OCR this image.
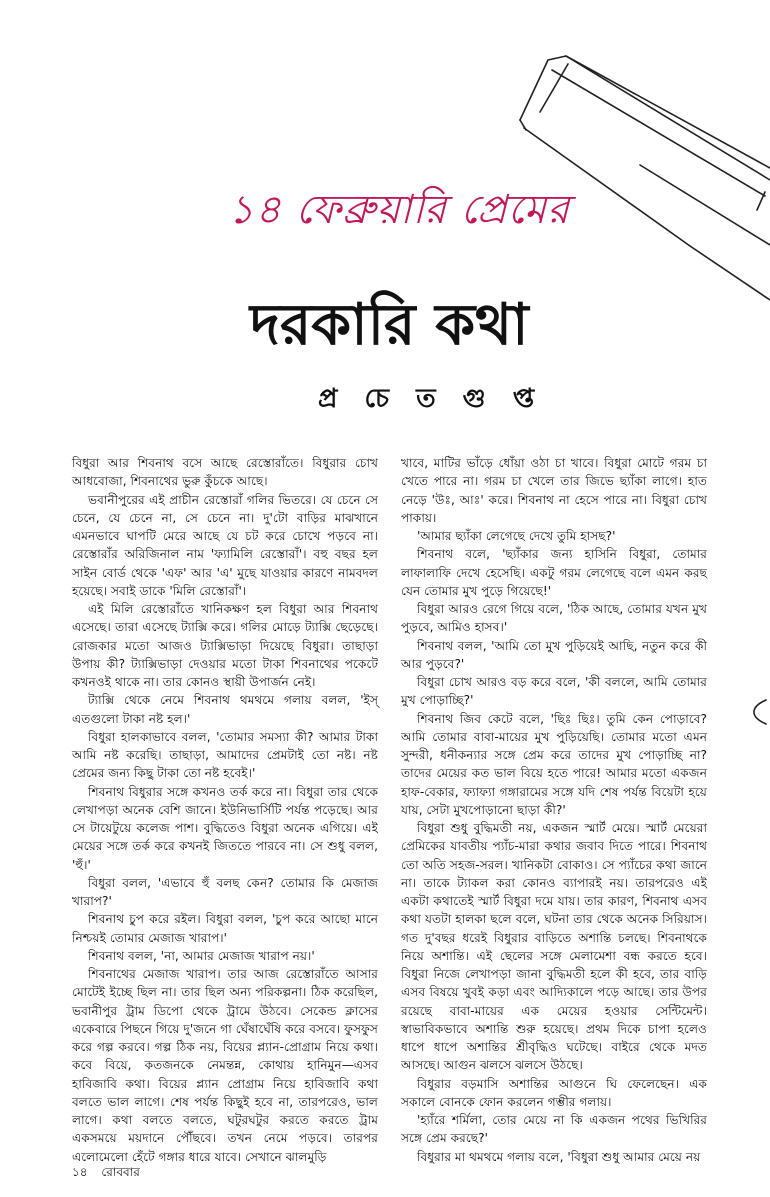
১৪ ফেব্রুয়ারি প্রেমের
দরকারি কথা
প্র চে ত গু প্ত

বিধুরা আর শিবনাথ বসে আছে রেস্তোরাঁতে। বিধুরার চোখ আধবোজা, শিবনাথের ভুরু কুঁচকে আছে।

ভবানীপুরের এই প্রাচীন রেস্তোরাঁ গলির ভিতরে। যে চেনে সে চেনে, যে চেনে না, সে চেনে না। দু'টো বাড়ির মাঝখানে এমনভাবে ঘাপটি মেরে আছে যে চট করে চোখে পড়বে না। রেস্তোরাঁর অরিজিনাল নাম 'ফ্যামিলি রেস্তোরাঁ'। বহু বছর হল সাইন বোর্ড থেকে 'এফ' আর 'এ' মুছে যাওয়ার কারণে নামবদল হয়েছে। সবাই ডাকে 'মিলি রেস্তোরাঁ'।

এই মিলি রেস্তোরাঁতে খানিকক্ষণ হল বিধুরা আর শিবনাথ এসেছে। তারা এসেছে ট্যাক্সি করে। গলির মোড়ে ট্যাক্সি ছেড়েছে। রোজকার মতো আজও ট্যাক্সিভাড়া দিয়েছে বিধুরা। তাছাড়া উপায় কী? ট্যাক্সিভাড়া দেওয়ার মতো টাকা শিবনাথের পকেটে কখনওই থাকে না। তার কোনও স্থায়ী উপার্জন নেই।

ট্যাক্সি থেকে নেমে শিবনাথ থমথমে গলায় বলল, 'ইস্ এতগুলো টাকা নষ্ট হল।'

বিধুরা হালকাভাবে বলল, 'তোমার সমস্যা কী? আমার টাকা আমি নষ্ট করেছি। তাছাড়া, আমাদের প্রেমটাই তো নষ্ট। নষ্ট প্রেমের জন্য কিছু টাকা তো নষ্ট হবেই।'

শিবনাথ বিধুরার সঙ্গে কখনও তর্ক করে না। বিধুরা তার থেকে লেখাপড়া অনেক বেশি জানে। ইউনিভার্সিটি পর্যন্ত পড়েছে। আর সে টায়েটুয়ে কলেজ পাশ। বুদ্ধিতেও বিধুরা অনেক এগিয়ে। এই মেয়ের সঙ্গে তর্ক করে কখনই জিততে পারবে না। সে শুধু বলল, 'হুঁ।'

বিধুরা বলল, 'এভাবে হুঁ বলছ কেন? তোমার কি মেজাজ খারাপ?'

শিবনাথ চুপ করে রইল। বিধুরা বলল, 'চুপ করে আছো মানে নিশ্চয়ই তোমার মেজাজ খারাপ।'

শিবনাথ বলল, 'না, আমার মেজাজ খারাপ নয়।'

শিবনাথের মেজাজ খারাপ। তার আজ রেস্তোরাঁতে আসার মোটেই ইচ্ছে ছিল না। তার ছিল অন্য পরিকল্পনা। ঠিক করেছিল, ভবানীপুর ট্রাম ডিপো থেকে ট্রামে উঠবে। সেকেন্ড ক্লাসের একেবারে পিছনে গিয়ে দু'জনে গা ঘেঁষাঘেঁষি করে বসবে। ফুসফুস করে গল্প করবে। গল্প ঠিক নয়, বিয়ের প্ল্যান-প্রোগ্রাম নিয়ে কথা। কবে বিয়ে, কতজনকে নেমন্তন্ন, কোথায় হানিমুন—এসব হাবিজাবি কথা। বিয়ের প্ল্যান প্রোগ্রাম নিয়ে হাবিজাবি কথা বলতে ভাল লাগে। শেষ পর্যন্ত কিছুই হবে না, তারপরেও, ভাল লাগে। কথা বলতে বলতে, ঘটুরঘটুর করতে করতে ট্রাম একসময়ে ময়দানে পৌঁছবে। তখন নেমে পড়বে। তারপর এলোমেলো হেঁটে গঙ্গার ধারে যাবে। সেখানে ঝালমুড়ি

খাবে, মাটির ভাঁড়ে ধোঁয়া ওঠা চা খাবে। বিধুরা মোটে গরম চা খেতে পারে না। গরম চা খেলে তার জিভে ছ্যাঁকা লাগে। হাত নেড়ে 'উঃ, আঃ' করে। শিবনাথ না হেসে পারে না। বিধুরা চোখ পাকায়।

'আমার ছ্যাঁকা লেগেছে দেখে তুমি হাসছ?'

শিবনাথ বলে, 'ছ্যাঁকার জন্য হাসিনি বিধুরা, তোমার লাফালাফি দেখে হেসেছি। একটু গরম লেগেছে বলে এমন করছ যেন তোমার মুখ পুড়ে গিয়েছে!'

বিধুরা আরও রেগে গিয়ে বলে, 'ঠিক আছে, তোমার যখন মুখ পুড়বে, আমিও হাসব।'

শিবনাথ বলল, 'আমি তো মুখ পুড়িয়েই আছি, নতুন করে কী আর পুড়বে?'

বিধুরা চোখ আরও বড় করে বলে, 'কী বললে, আমি তোমার মুখ পোড়াচ্ছি?'

শিবনাথ জিব কেটে বলে, 'ছিঃ ছিঃ। তুমি কেন পোড়াবে? আমি তোমার বাবা-মায়ের মুখ পুড়িয়েছি। তোমার মতো এমন সুন্দরী, ধনীকন্যার সঙ্গে প্রেম করে তাদের মুখ পোড়াচ্ছি না? তাদের মেয়ের কত ভাল বিয়ে হতে পারে! আমার মতো একজন হাফ-বেকার, ফ্যাফ্যা গঙ্গারামের সঙ্গে যদি শেষ পর্যন্ত বিয়েটা হয়ে যায়, সেটা মুখপোড়ানো ছাড়া কী?'

বিধুরা শুধু বুদ্ধিমতী নয়, একজন স্মার্ট মেয়ে। স্মার্ট মেয়েরা প্রেমিকের যাবতীয় প্যাঁচ-মারা কথার জবাব দিতে পারে। শিবনাথ তো অতি সহজ-সরল। খানিকটা বোকাও। সে প্যাঁচের কথা জানে না। তাকে ট্যাকল করা কোনও ব্যাপারই নয়। তারপরেও এই একটা কথাতেই স্মার্ট বিধুরা দমে যায়। তার কারণ, শিবনাথ এসব কথা যতটা হালকা ছলে বলে, ঘটনা তার থেকে অনেক সিরিয়াস। গত দু'বছর ধরেই বিধুরার বাড়িতে অশান্তি চলছে। শিবনাথকে নিয়ে অশান্তি। এই ছেলের সঙ্গে মেলামেশা বন্ধ করতে হবে। বিধুরা নিজে লেখাপড়া জানা বুদ্ধিমতী হলে কী হবে, তার বাড়ি এসব বিষয়ে খুবই কড়া এবং আদ্যিকালে পড়ে আছে। তার উপর রয়েছে বাবা-মায়ের এক মেয়ের হওয়ার সেন্টিমেন্ট। স্বাভাবিকভাবে অশান্তি শুরু হয়েছে। প্রথম দিকে চাপা হলেও ধাপে ধাপে অশান্তির শ্রীবৃদ্ধিও ঘটেছে। বাইরে থেকে মদত আসছে। আগুন ঝলসে ঝলসে উঠছে।

বিধুরার বড়মাসি অশান্তির আগুনে ঘি ফেলেছেন। এক সকালে বোনকে ফোন করলেন গম্ভীর গলায়।

'হ্যাঁরে শর্মিলা, তোর মেয়ে না কি একজন পথের ভিখিরির সঙ্গে প্রেম করছে?'

বিধুরার মা থমথমে গলায় বলে, 'বিধুরা শুধু আমার মেয়ে নয়

১৪ রোববার
